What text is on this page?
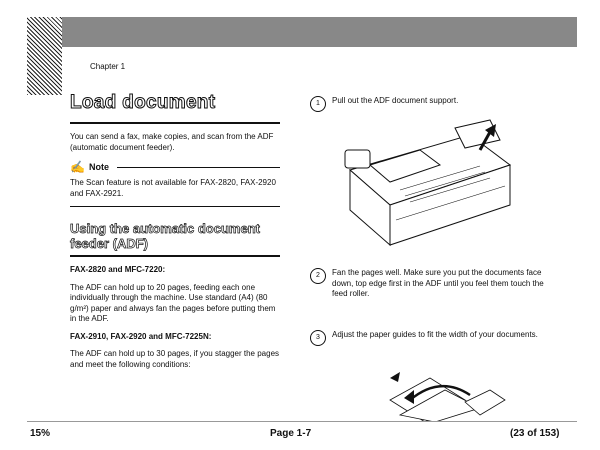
Chapter 1
Load document

You can send a fax, make copies, and scan from the ADF (automatic document feeder).

✍ Note

The Scan feature is not available for FAX-2820, FAX-2920 and FAX-2921.

Using the automatic document feeder (ADF)

FAX-2820 and MFC-7220:

The ADF can hold up to 20 pages, feeding each one individually through the machine. Use standard (A4) (80 g/m²) paper and always fan the pages before putting them in the ADF.

FAX-2910, FAX-2920 and MFC-7225N:

The ADF can hold up to 30 pages, if you stagger the pages and meet the following conditions:

1	Pull out the ADF document support.
2	Fan the pages well. Make sure you put the documents face down, top edge first in the ADF until you feel them touch the feed roller.
3	Adjust the paper guides to fit the width of your documents.
15%	Page 1-7	(23 of 153)
